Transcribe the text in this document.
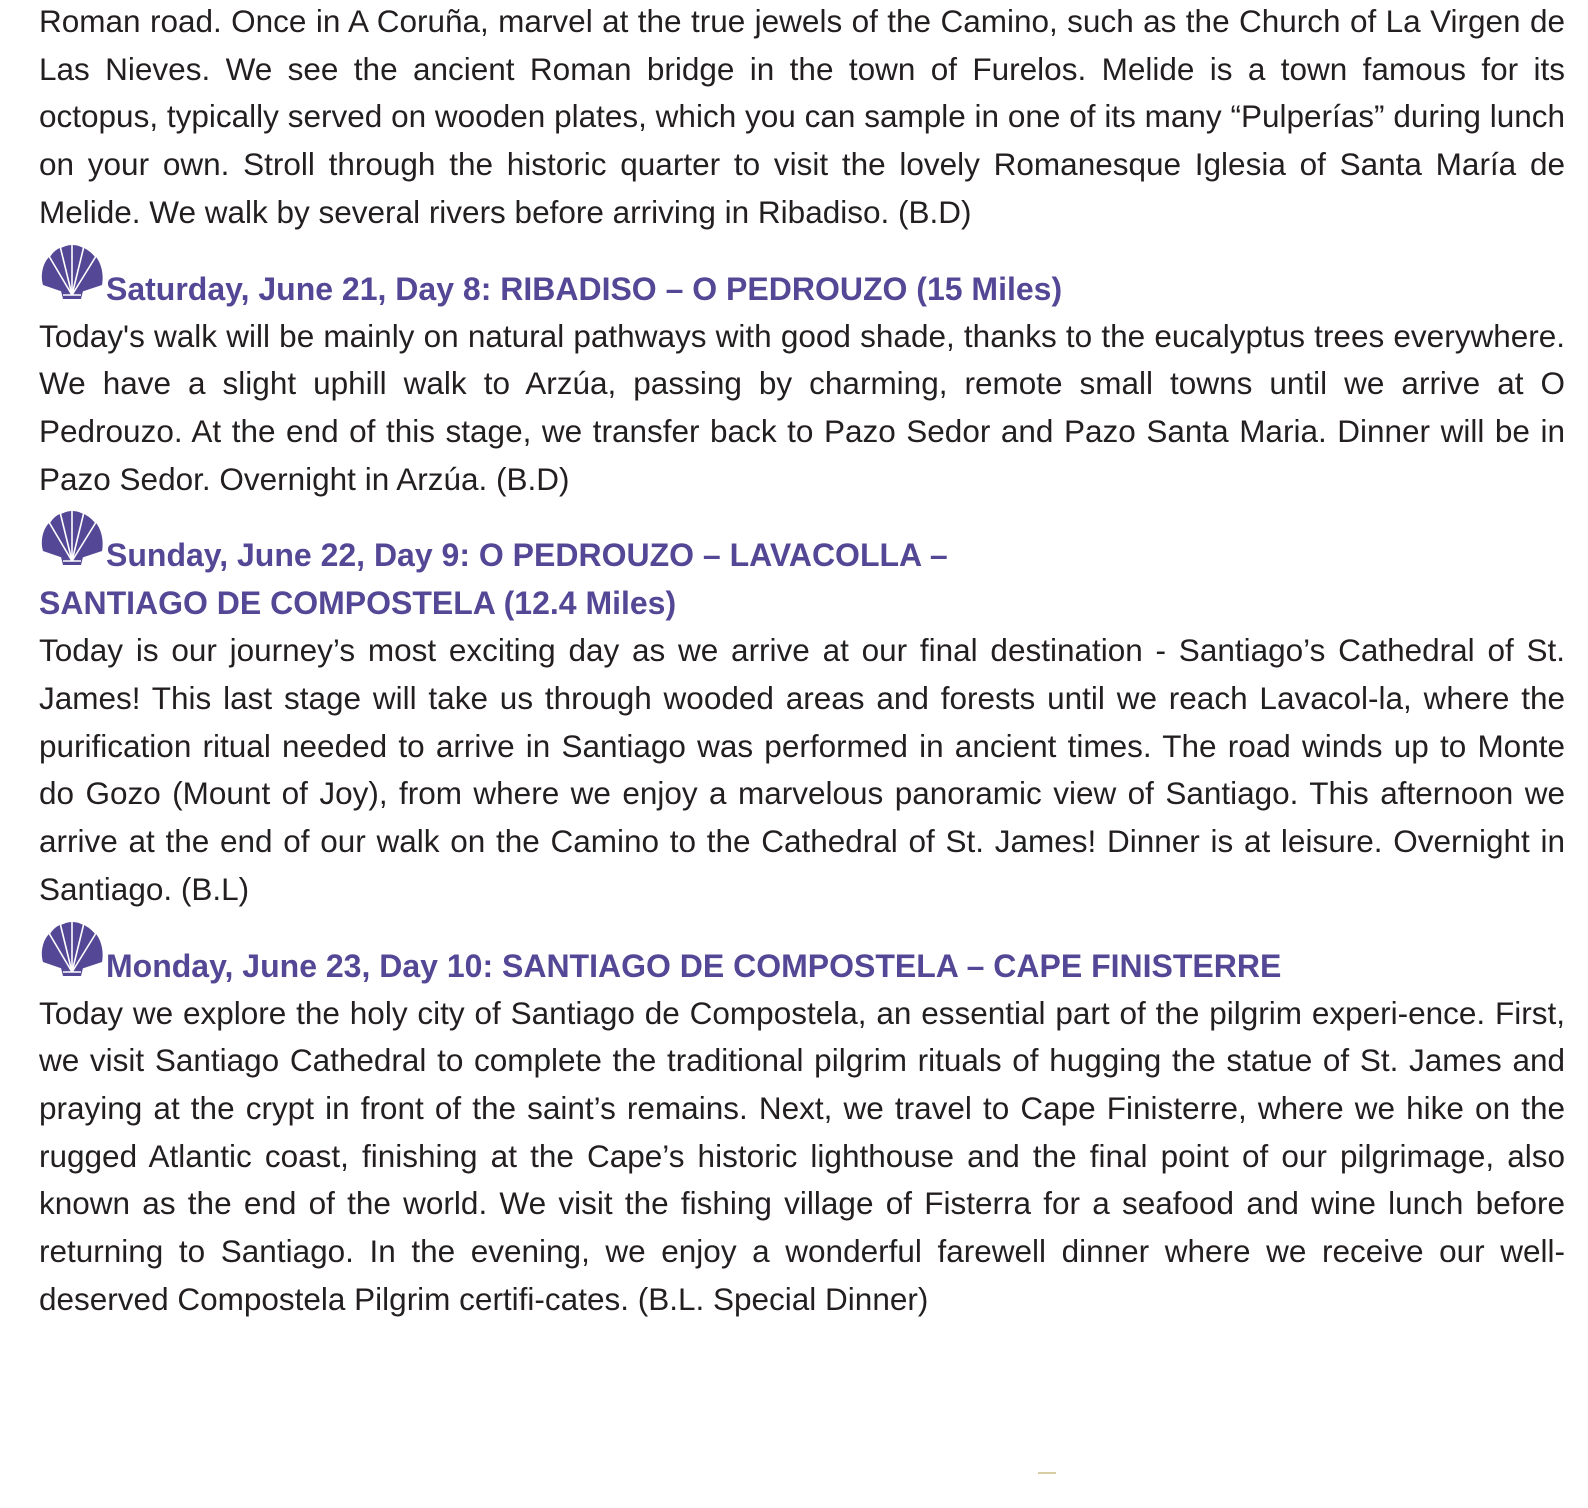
Roman road. Once in A Coruña, marvel at the true jewels of the Camino, such as the Church of La Virgen de Las Nieves. We see the ancient Roman bridge in the town of Furelos. Melide is a town famous for its octopus, typically served on wooden plates, which you can sample in one of its many “Pulperías” during lunch on your own. Stroll through the historic quarter to visit the lovely Romanesque Iglesia of Santa María de Melide. We walk by several rivers before arriving in Ribadiso. (B.D)

Saturday, June 21, Day 8: RIBADISO – O PEDROUZO (15 Miles)

Today's walk will be mainly on natural pathways with good shade, thanks to the eucalyptus trees everywhere. We have a slight uphill walk to Arzúa, passing by charming, remote small towns until we arrive at O Pedrouzo. At the end of this stage, we transfer back to Pazo Sedor and Pazo Santa Maria. Dinner will be in Pazo Sedor. Overnight in Arzúa. (B.D)

Sunday, June 22, Day 9: O PEDROUZO – LAVACOLLA –
SANTIAGO DE COMPOSTELA (12.4 Miles)

Today is our journey’s most exciting day as we arrive at our final destination - Santiago’s Cathedral of St. James! This last stage will take us through wooded areas and forests until we reach Lavacol-la, where the purification ritual needed to arrive in Santiago was performed in ancient times. The road winds up to Monte do Gozo (Mount of Joy), from where we enjoy a marvelous panoramic view of Santiago. This afternoon we arrive at the end of our walk on the Camino to the Cathedral of St. James! Dinner is at leisure. Overnight in Santiago. (B.L)

Monday, June 23, Day 10: SANTIAGO DE COMPOSTELA – CAPE FINISTERRE

Today we explore the holy city of Santiago de Compostela, an essential part of the pilgrim experi-ence. First, we visit Santiago Cathedral to complete the traditional pilgrim rituals of hugging the statue of St. James and praying at the crypt in front of the saint’s remains. Next, we travel to Cape Finisterre, where we hike on the rugged Atlantic coast, finishing at the Cape’s historic lighthouse and the final point of our pilgrimage, also known as the end of the world. We visit the fishing village of Fisterra for a seafood and wine lunch before returning to Santiago. In the evening, we enjoy a wonderful farewell dinner where we receive our well-deserved Compostela Pilgrim certifi-cates. (B.L. Special Dinner)
